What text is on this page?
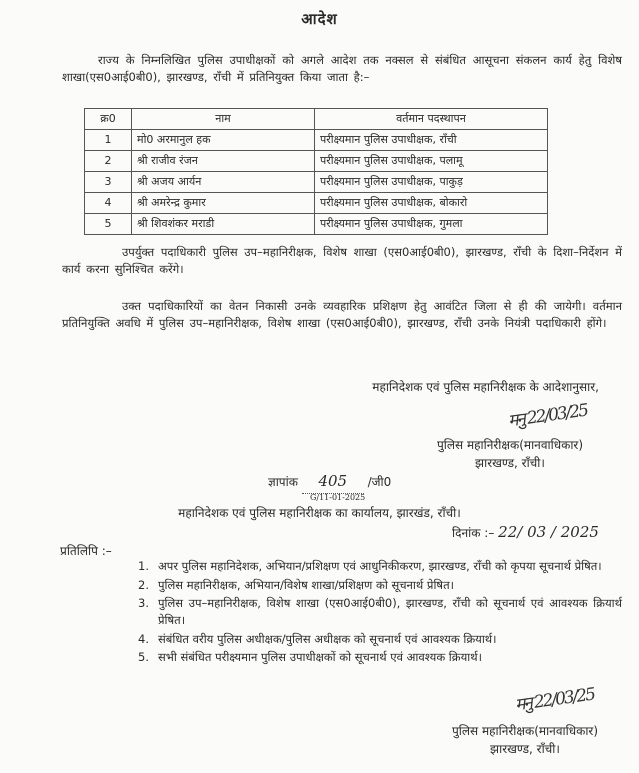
आदेश
राज्य के निम्नलिखित पुलिस उपाधीक्षकों को अगले आदेश तक नक्सल से संबंधित आसूचना संकलन कार्य हेतु विशेष शाखा(एस0आई0बी0), झारखण्ड, राँची में प्रतिनियुक्त किया जाता है:–
क्र0	नाम	वर्तमान पदस्थापन
1	मो0 अरमानुल हक	परीक्ष्यमान पुलिस उपाधीक्षक, राँची
2	श्री राजीव रंजन	परीक्ष्यमान पुलिस उपाधीक्षक, पलामू
3	श्री अजय आर्यन	परीक्ष्यमान पुलिस उपाधीक्षक, पाकुड़
4	श्री अमरेन्द्र कुमार	परीक्ष्यमान पुलिस उपाधीक्षक, बोकारो
5	श्री शिवशंकर मराडी	परीक्ष्यमान पुलिस उपाधीक्षक, गुमला
उपर्युक्त पदाधिकारी पुलिस उप–महानिरीक्षक, विशेष शाखा (एस0आई0बी0), झारखण्ड, राँची के दिशा–निर्देशन में कार्य करना सुनिश्चित करेंगे।
उक्त पदाधिकारियों का वेतन निकासी उनके व्यवहारिक प्रशिक्षण हेतु आवंटित जिला से ही की जायेगी। वर्तमान प्रतिनियुक्ति अवधि में पुलिस उप–महानिरीक्षक, विशेष शाखा (एस0आई0बी0), झारखण्ड, राँची उनके नियंत्री पदाधिकारी होंगे।
महानिदेशक एवं पुलिस महानिरीक्षक के आदेशानुसार,
मनु 22/03/25
पुलिस महानिरीक्षक(मानवाधिकार)
झारखण्ड, राँची।
ज्ञापांक 405 /जी0
G/11-01-2025
महानिदेशक एवं पुलिस महानिरीक्षक का कार्यालय, झारखंड, राँची।
दिनांक :– 22/ 03 / 2025
प्रतिलिपि :–
1. अपर पुलिस महानिदेशक, अभियान/प्रशिक्षण एवं आधुनिकीकरण, झारखण्ड, राँची को कृपया सूचनार्थ प्रेषित।
2. पुलिस महानिरीक्षक, अभियान/विशेष शाखा/प्रशिक्षण को सूचनार्थ प्रेषित।
3. पुलिस उप–महानिरीक्षक, विशेष शाखा (एस0आई0बी0), झारखण्ड, राँची को सूचनार्थ एवं आवश्यक क्रियार्थ प्रेषित।
4. संबंधित वरीय पुलिस अधीक्षक/पुलिस अधीक्षक को सूचनार्थ एवं आवश्यक क्रियार्थ।
5. सभी संबंधित परीक्ष्यमान पुलिस उपाधीक्षकों को सूचनार्थ एवं आवश्यक क्रियार्थ।
मनु 22/03/25
पुलिस महानिरीक्षक(मानवाधिकार)
झारखण्ड, राँची।
